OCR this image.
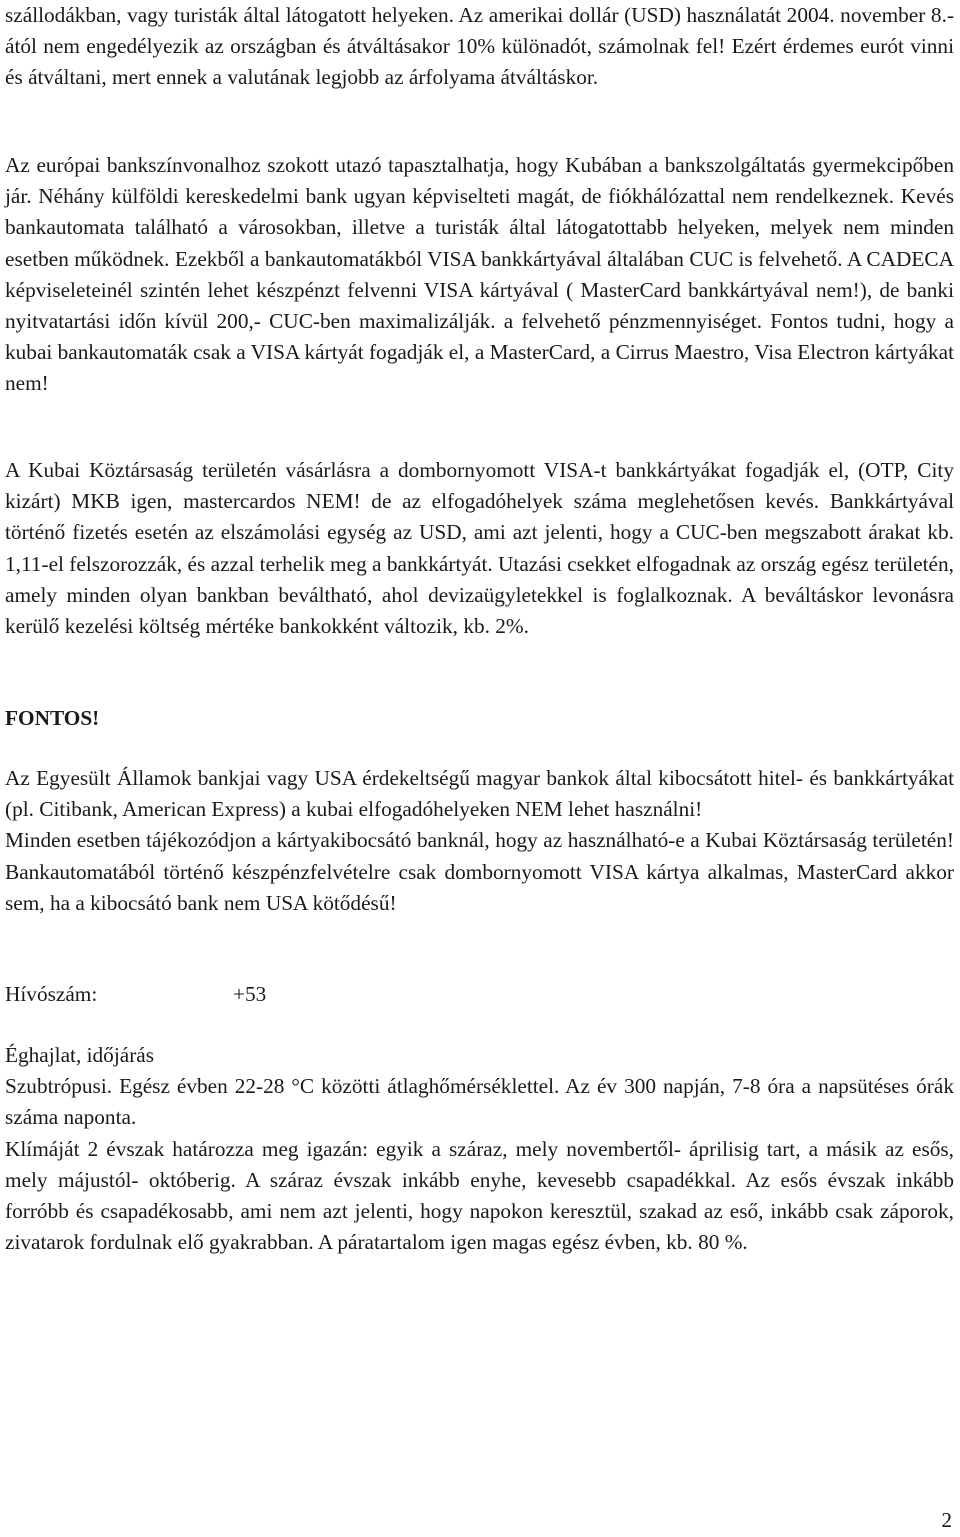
szállodákban, vagy turisták által látogatott helyeken. Az amerikai dollár (USD) használatát 2004. november 8.-ától nem engedélyezik az országban és átváltásakor 10% különadót, számolnak fel! Ezért érdemes eurót vinni és átváltani, mert ennek a valutának legjobb az árfolyama átváltáskor.

Az európai bankszínvonalhoz szokott utazó tapasztalhatja, hogy Kubában a bankszolgáltatás gyermekcipőben jár. Néhány külföldi kereskedelmi bank ugyan képviselteti magát, de fiókhálózattal nem rendelkeznek. Kevés bankautomata található a városokban, illetve a turisták által látogatottabb helyeken, melyek nem minden esetben működnek. Ezekből a bankautomatákból VISA bankkártyával általában CUC is felvehető. A CADECA képviseleteinél szintén lehet készpénzt felvenni VISA kártyával ( MasterCard bankkártyával nem!), de banki nyitvatartási időn kívül 200,- CUC-ben maximalizálják. a felvehető pénzmennyiséget. Fontos tudni, hogy a kubai bankautomaták csak a VISA kártyát fogadják el, a MasterCard, a Cirrus Maestro, Visa Electron kártyákat nem!

A Kubai Köztársaság területén vásárlásra a dombornyomott VISA-t bankkártyákat fogadják el, (OTP, City kizárt) MKB igen, mastercardos NEM! de az elfogadóhelyek száma meglehetősen kevés. Bankkártyával történő fizetés esetén az elszámolási egység az USD, ami azt jelenti, hogy a CUC-ben megszabott árakat kb. 1,11-el felszorozzák, és azzal terhelik meg a bankkártyát. Utazási csekket elfogadnak az ország egész területén, amely minden olyan bankban beváltható, ahol devizaügyletekkel is foglalkoznak. A beváltáskor levonásra kerülő kezelési költség mértéke bankokként változik, kb. 2%.

FONTOS!

Az Egyesült Államok bankjai vagy USA érdekeltségű magyar bankok által kibocsátott hitel- és bankkártyákat (pl. Citibank, American Express) a kubai elfogadóhelyeken NEM lehet használni!

Minden esetben tájékozódjon a kártyakibocsátó banknál, hogy az használható-e a Kubai Köztársaság területén! Bankautomatából történő készpénzfelvételre csak dombornyomott VISA kártya alkalmas, MasterCard akkor sem, ha a kibocsátó bank nem USA kötődésű!

Hívószám:	+53

Éghajlat, időjárás

Szubtrópusi. Egész évben 22-28 °C közötti átlaghőmérséklettel. Az év 300 napján, 7-8 óra a napsütéses órák száma naponta.

Klímáját 2 évszak határozza meg igazán: egyik a száraz, mely novembertől- áprilisig tart, a másik az esős, mely májustól- októberig. A száraz évszak inkább enyhe, kevesebb csapadékkal. Az esős évszak inkább forróbb és csapadékosabb, ami nem azt jelenti, hogy napokon keresztül, szakad az eső, inkább csak záporok, zivatarok fordulnak elő gyakrabban. A páratartalom igen magas egész évben, kb. 80 %.

2
